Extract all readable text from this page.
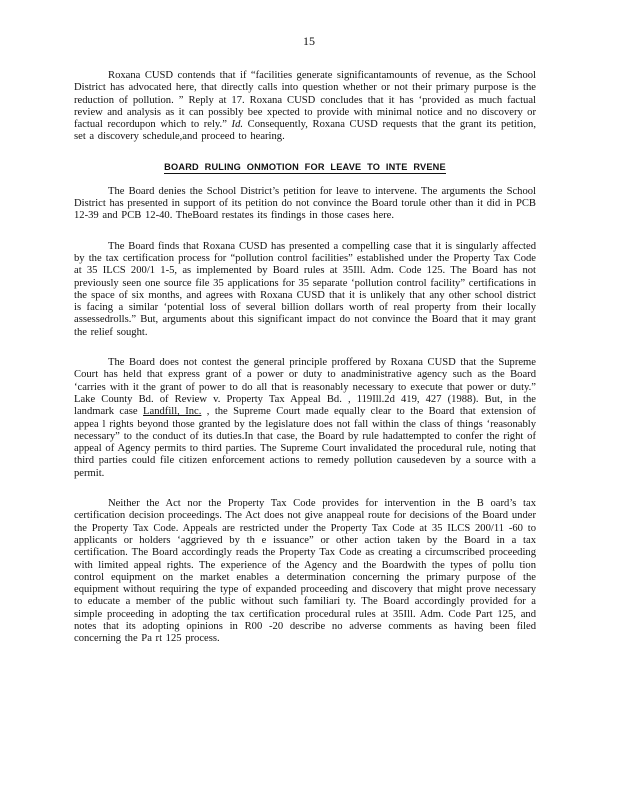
15

Roxana CUSD contends that if “facilities generate significantamounts of revenue, as the School District has advocated here, that directly calls into question whether or not their primary purpose is the reduction of pollution. ” Reply at 17. Roxana CUSD concludes that it has ‘provided as much factual review and analysis as it can possibly bee xpected to provide with minimal notice and no discovery or factual recordupon which to rely.” Id. Consequently, Roxana CUSD requests that the grant its petition, set a discovery schedule,and proceed to hearing.

BOARD RULING ONMOTION FOR LEAVE TO INTE RVENE

The Board denies the School District’s petition for leave to intervene. The arguments the School District has presented in support of its petition do not convince the Board torule other than it did in PCB 12-39 and PCB 12-40. TheBoard restates its findings in those cases here.

The Board finds that Roxana CUSD has presented a compelling case that it is singularly affected by the tax certification process for “pollution control facilities” established under the Property Tax Code at 35 ILCS 200/1 1-5, as implemented by Board rules at 35Ill. Adm. Code 125. The Board has not previously seen one source file 35 applications for 35 separate ‘pollution control facility” certifications in the space of six months, and agrees with Roxana CUSD that it is unlikely that any other school district is facing a similar ‘potential loss of several billion dollars worth of real property from their locally assessedrolls.” But, arguments about this significant impact do not convince the Board that it may grant the relief sought.

The Board does not contest the general principle proffered by Roxana CUSD that the Supreme Court has held that express grant of a power or duty to anadministrative agency such as the Board ‘carries with it the grant of power to do all that is reasonably necessary to execute that power or duty.” Lake County Bd. of Review v. Property Tax Appeal Bd. , 119Ill.2d 419, 427 (1988). But, in the landmark case Landfill, Inc. , the Supreme Court made equally clear to the Board that extension of appea l rights beyond those granted by the legislature does not fall within the class of things ‘reasonably necessary” to the conduct of its duties.In that case, the Board by rule hadattempted to confer the right of appeal of Agency permits to third parties. The Supreme Court invalidated the procedural rule, noting that third parties could file citizen enforcement actions to remedy pollution causedeven by a source with a permit.

Neither the Act nor the Property Tax Code provides for intervention in the B oard’s tax certification decision proceedings. The Act does not give anappeal route for decisions of the Board under the Property Tax Code. Appeals are restricted under the Property Tax Code at 35 ILCS 200/11 -60 to applicants or holders ‘aggrieved by th e issuance” or other action taken by the Board in a tax certification. The Board accordingly reads the Property Tax Code as creating a circumscribed proceeding with limited appeal rights. The experience of the Agency and the Boardwith the types of pollu tion control equipment on the market enables a determination concerning the primary purpose of the equipment without requiring the type of expanded proceeding and discovery that might prove necessary to educate a member of the public without such familiari ty. The Board accordingly provided for a simple proceeding in adopting the tax certification procedural rules at 35Ill. Adm. Code Part 125, and notes that its adopting opinions in R00 -20 describe no adverse comments as having been filed concerning the Pa rt 125 process.
